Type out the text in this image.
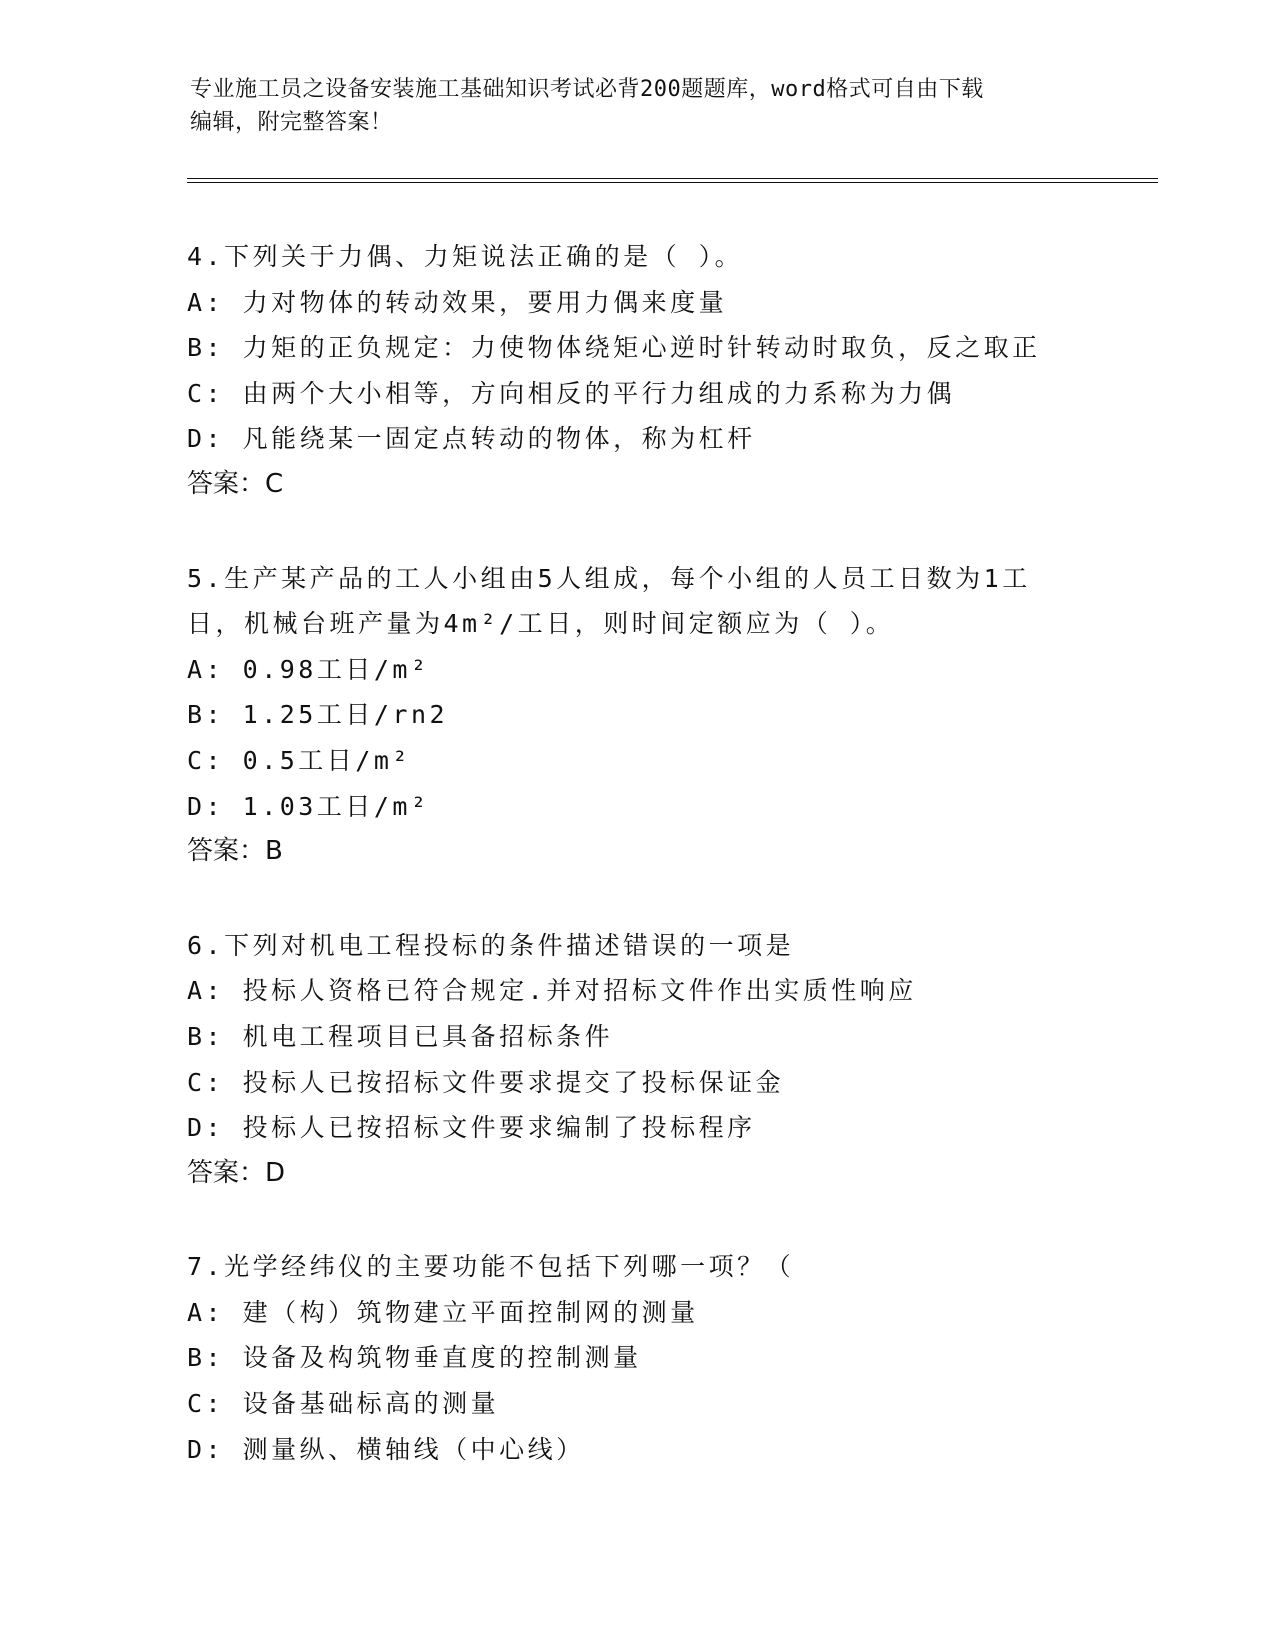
专业施工员之设备安装施工基础知识考试必背200题题库，word格式可自由下载
编辑，附完整答案！
4.下列关于力偶、力矩说法正确的是（ ）。
A: 力对物体的转动效果，要用力偶来度量
B: 力矩的正负规定：力使物体绕矩心逆时针转动时取负，反之取正
C: 由两个大小相等，方向相反的平行力组成的力系称为力偶
D: 凡能绕某一固定点转动的物体，称为杠杆
答案：C
5.生产某产品的工人小组由5人组成，每个小组的人员工日数为1工
日，机械台班产量为4m²/工日，则时间定额应为（ ）。
A: 0.98工日/m²
B: 1.25工日/rn2
C: 0.5工日/m²
D: 1.03工日/m²
答案：B
6.下列对机电工程投标的条件描述错误的一项是
A: 投标人资格已符合规定.并对招标文件作出实质性响应
B: 机电工程项目已具备招标条件
C: 投标人已按招标文件要求提交了投标保证金
D: 投标人已按招标文件要求编制了投标程序
答案：D
7.光学经纬仪的主要功能不包括下列哪一项？（
A: 建（构）筑物建立平面控制网的测量
B: 设备及构筑物垂直度的控制测量
C: 设备基础标高的测量
D: 测量纵、横轴线（中心线）
